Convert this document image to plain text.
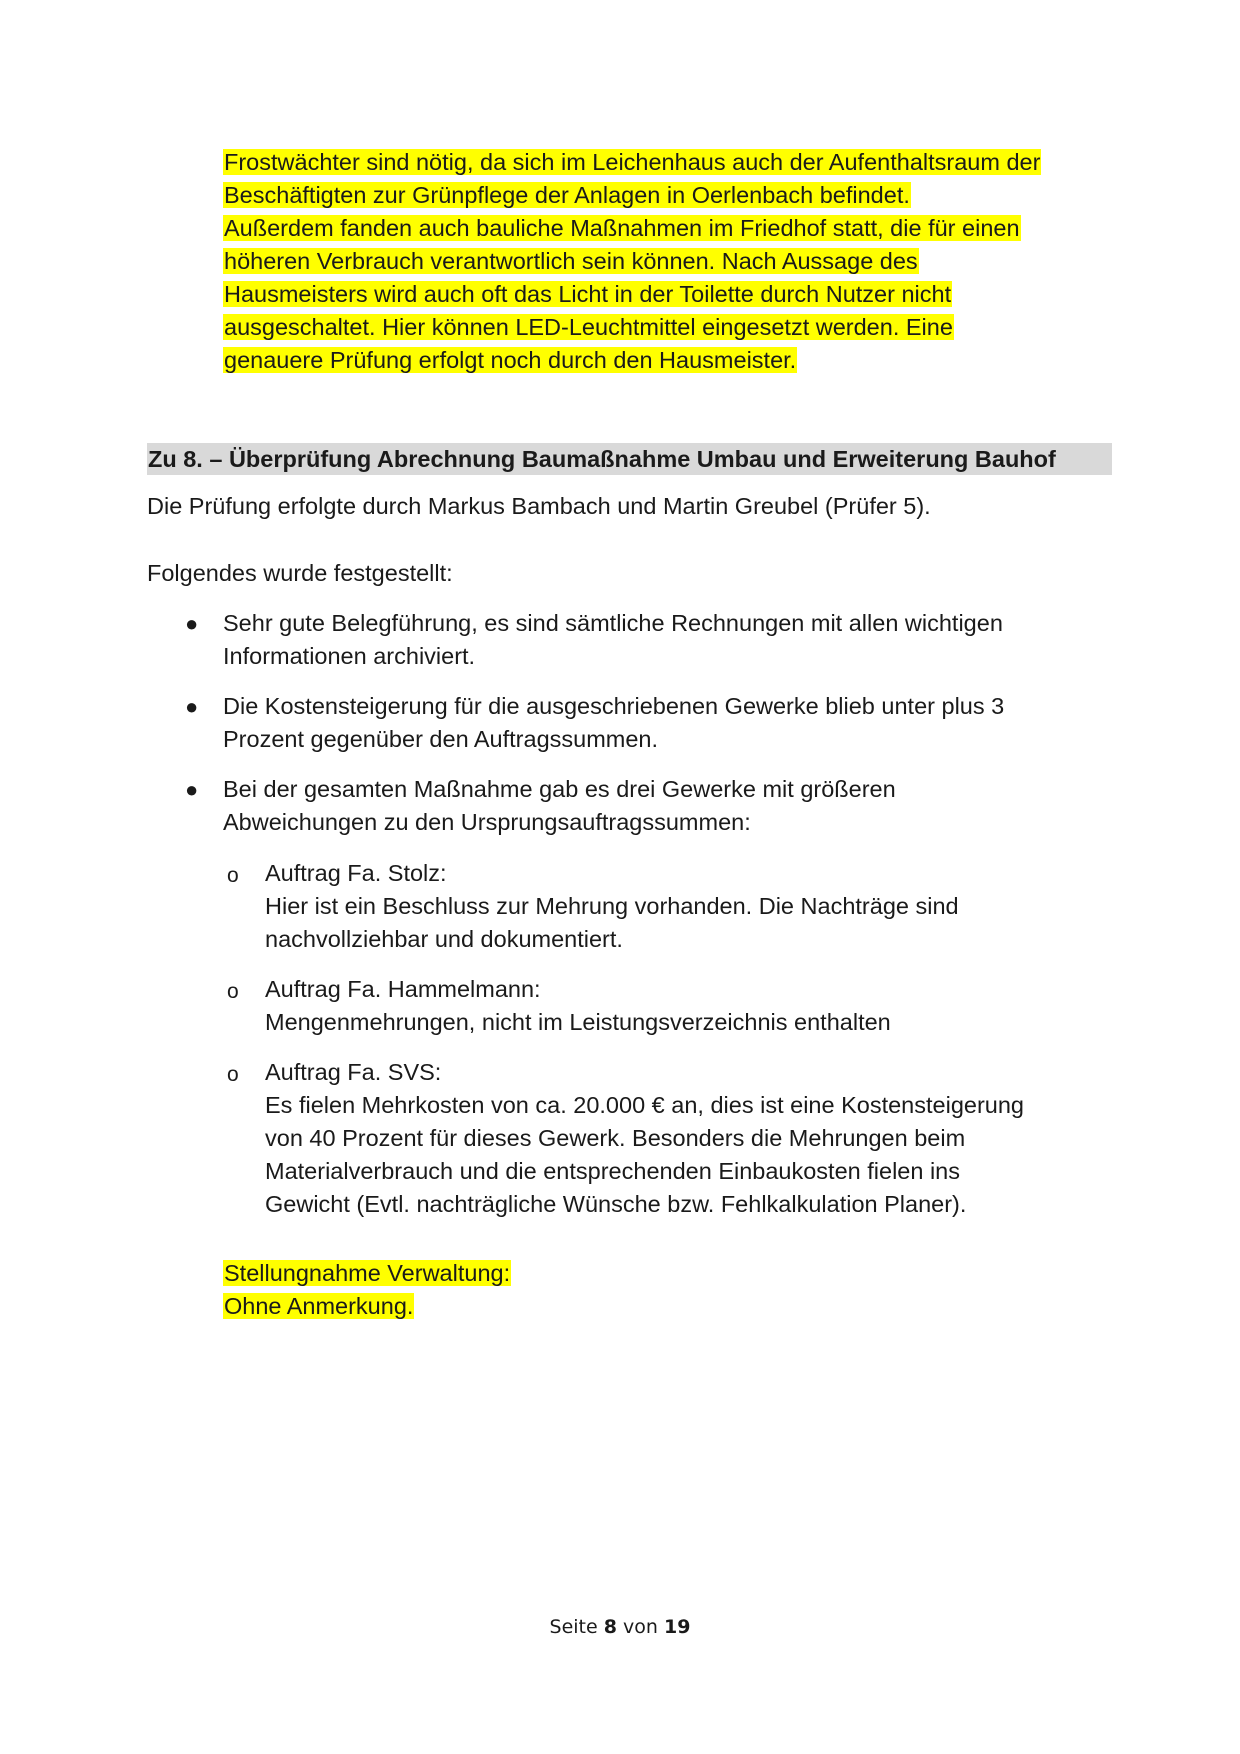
Frostwächter sind nötig, da sich im Leichenhaus auch der Aufenthaltsraum der
Beschäftigten zur Grünpflege der Anlagen in Oerlenbach befindet.
Außerdem fanden auch bauliche Maßnahmen im Friedhof statt, die für einen
höheren Verbrauch verantwortlich sein können. Nach Aussage des
Hausmeisters wird auch oft das Licht in der Toilette durch Nutzer nicht
ausgeschaltet. Hier können LED-Leuchtmittel eingesetzt werden. Eine
genauere Prüfung erfolgt noch durch den Hausmeister.
Zu 8. – Überprüfung Abrechnung Baumaßnahme Umbau und Erweiterung Bauhof
Die Prüfung erfolgte durch Markus Bambach und Martin Greubel (Prüfer 5).
Folgendes wurde festgestellt:
● Sehr gute Belegführung, es sind sämtliche Rechnungen mit allen wichtigen
Informationen archiviert.
● Die Kostensteigerung für die ausgeschriebenen Gewerke blieb unter plus 3
Prozent gegenüber den Auftragssummen.
● Bei der gesamten Maßnahme gab es drei Gewerke mit größeren
Abweichungen zu den Ursprungsauftragssummen:
o Auftrag Fa. Stolz:
Hier ist ein Beschluss zur Mehrung vorhanden. Die Nachträge sind
nachvollziehbar und dokumentiert.
o Auftrag Fa. Hammelmann:
Mengenmehrungen, nicht im Leistungsverzeichnis enthalten
o Auftrag Fa. SVS:
Es fielen Mehrkosten von ca. 20.000 € an, dies ist eine Kostensteigerung
von 40 Prozent für dieses Gewerk. Besonders die Mehrungen beim
Materialverbrauch und die entsprechenden Einbaukosten fielen ins
Gewicht (Evtl. nachträgliche Wünsche bzw. Fehlkalkulation Planer).
Stellungnahme Verwaltung:
Ohne Anmerkung.
Seite 8 von 19
